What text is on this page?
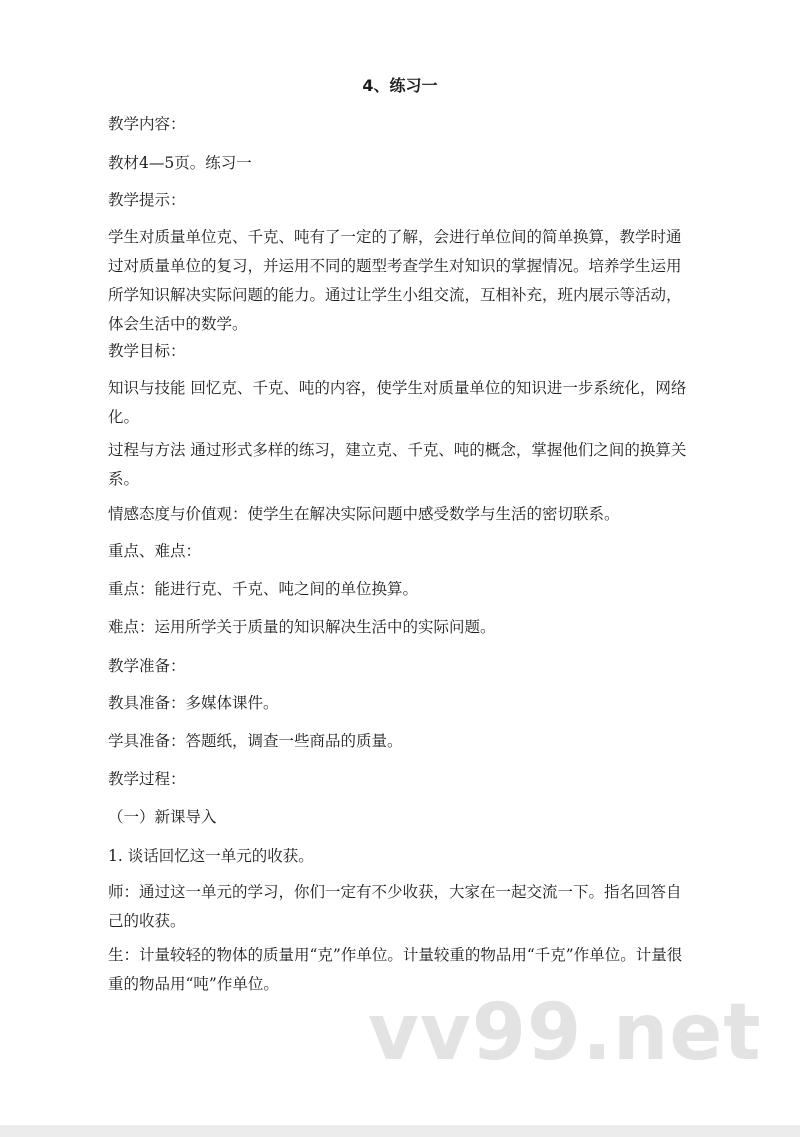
4、练习一

教学内容：

教材4—5页。练习一

教学提示：

学生对质量单位克、千克、吨有了一定的了解，会进行单位间的简单换算，教学时通过对质量单位的复习，并运用不同的题型考查学生对知识的掌握情况。培养学生运用所学知识解决实际问题的能力。通过让学生小组交流，互相补充，班内展示等活动，体会生活中的数学。

教学目标：

知识与技能 回忆克、千克、吨的内容，使学生对质量单位的知识进一步系统化，网络化。

过程与方法 通过形式多样的练习，建立克、千克、吨的概念，掌握他们之间的换算关系。

情感态度与价值观：使学生在解决实际问题中感受数学与生活的密切联系。

重点、难点：

重点：能进行克、千克、吨之间的单位换算。

难点：运用所学关于质量的知识解决生活中的实际问题。

教学准备：

教具准备：多媒体课件。

学具准备：答题纸，调查一些商品的质量。

教学过程：

（一）新课导入

1. 谈话回忆这一单元的收获。

师：通过这一单元的学习，你们一定有不少收获，大家在一起交流一下。指名回答自己的收获。

生：计量较轻的物体的质量用“克”作单位。计量较重的物品用“千克”作单位。计量很重的物品用“吨”作单位。

vv99.net
